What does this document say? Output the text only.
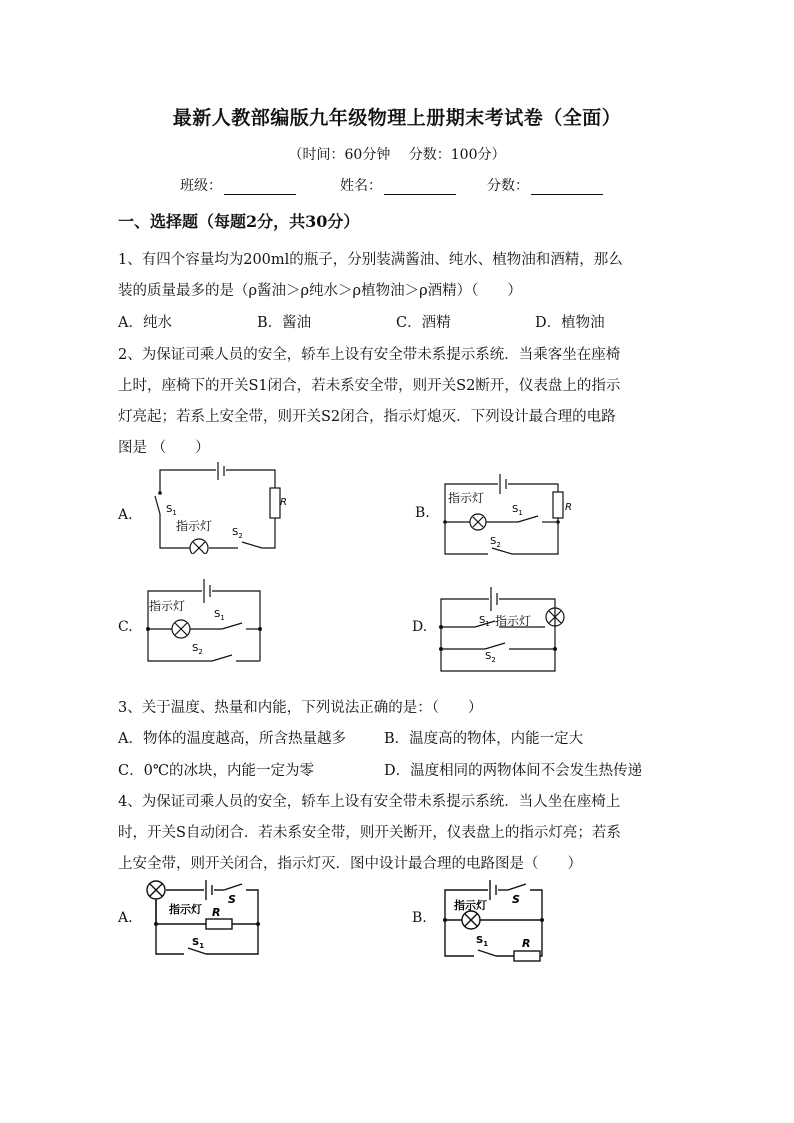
最新人教部编版九年级物理上册期末考试卷（全面）
（时间：60分钟　 分数：100分）
班级：	姓名：	分数：
一、选择题（每题2分，共30分）
1、有四个容量均为200ml的瓶子，分别装满酱油、纯水、植物油和酒精，那么
装的质量最多的是（ρ酱油＞ρ纯水＞ρ植物油＞ρ酒精）（　　）
A．纯水	B．酱油	C．酒精	D．植物油
2、为保证司乘人员的安全，轿车上设有安全带未系提示系统．当乘客坐在座椅
上时，座椅下的开关S1闭合，若未系安全带，则开关S2断开，仪表盘上的指示
灯亮起；若系上安全带，则开关S2闭合，指示灯熄灭．下列设计最合理的电路
图是 （　　）
A.	B.
C.	D.
$S_1$
R
指示灯 $S_2$
指示灯
R
$S_1$
$S_2$
指示灯
$S_1$
$S_2$
$S_1$ 指示灯
$S_2$
3、关于温度、热量和内能，下列说法正确的是：（　　）
A．物体的温度越高，所含热量越多	B．温度高的物体，内能一定大
C．0℃的冰块，内能一定为零	D．温度相同的两物体间不会发生热传递
4、为保证司乘人员的安全，轿车上设有安全带未系提示系统．当人坐在座椅上
时，开关S自动闭合．若未系安全带，则开关断开，仪表盘上的指示灯亮；若系
上安全带，则开关闭合，指示灯灭．图中设计最合理的电路图是（　　）
A.	B.
指示灯
S
R
$S_1$
指示灯 S
R
$S_1$
